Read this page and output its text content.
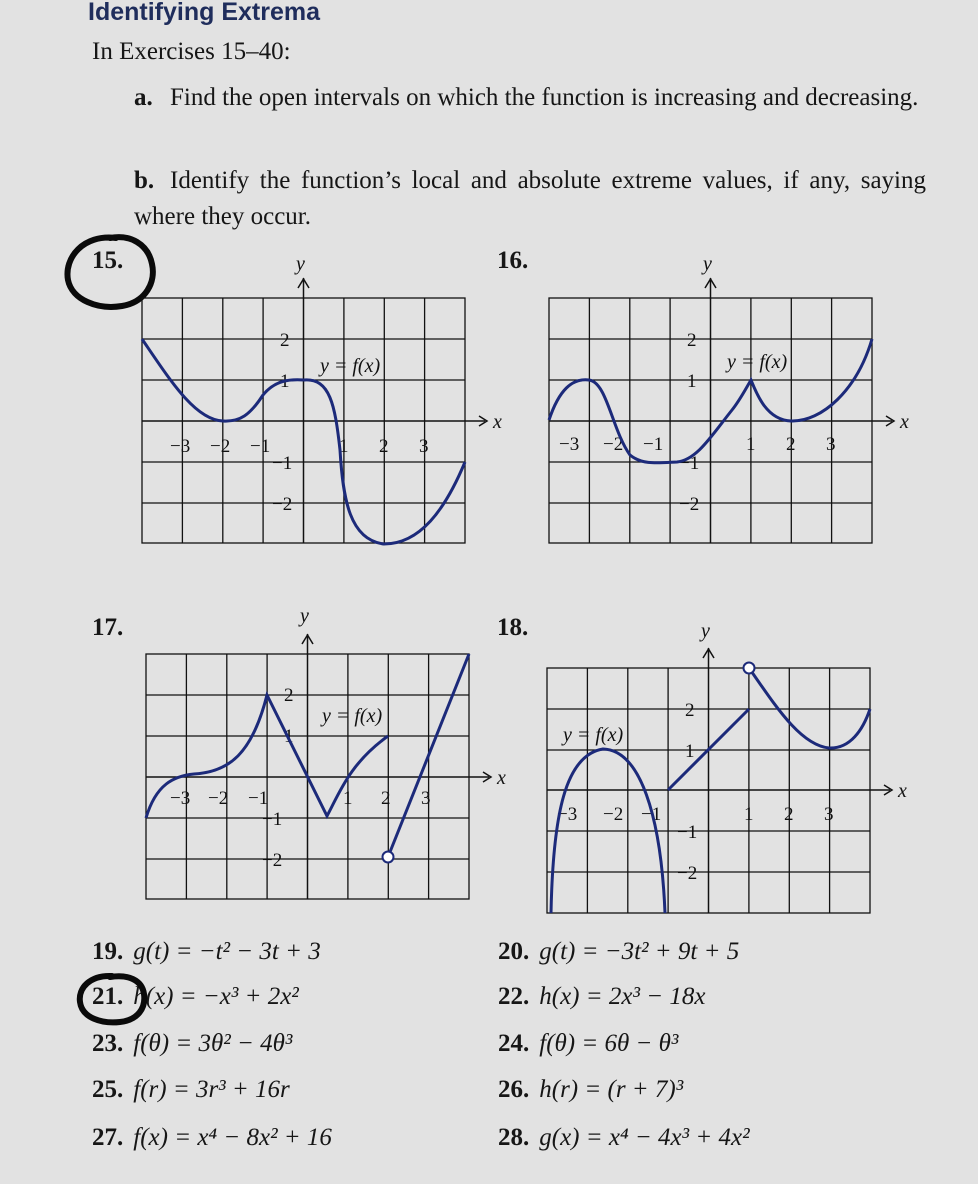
Identifying Extrema
In Exercises 15–40:
a. Find the open intervals on which the function is increasing and decreasing.
b. Identify the function’s local and absolute extreme values, if any, saying where they occur.
15.	16.
17.	18.
x
y
−3 −2 −1	1 2 3
2
1
−1
−2
y = f(x)
x
y
−3 −2 −1	1 2 3
2
1
−1
−2
y = f(x)
x
y
−3 −2 −1	1 2 3
2
1
−1
−2
y = f(x)
x
y
−3 −2 −1	1 2 3
2
1
−1
−2
y = f(x)
19. g(t) = −t² − 3t + 3	20. g(t) = −3t² + 9t + 5
21. h(x) = −x³ + 2x²	22. h(x) = 2x³ − 18x
23. f(θ) = 3θ² − 4θ³	24. f(θ) = 6θ − θ³
25. f(r) = 3r³ + 16r	26. h(r) = (r + 7)³
27. f(x) = x⁴ − 8x² + 16	28. g(x) = x⁴ − 4x³ + 4x²
